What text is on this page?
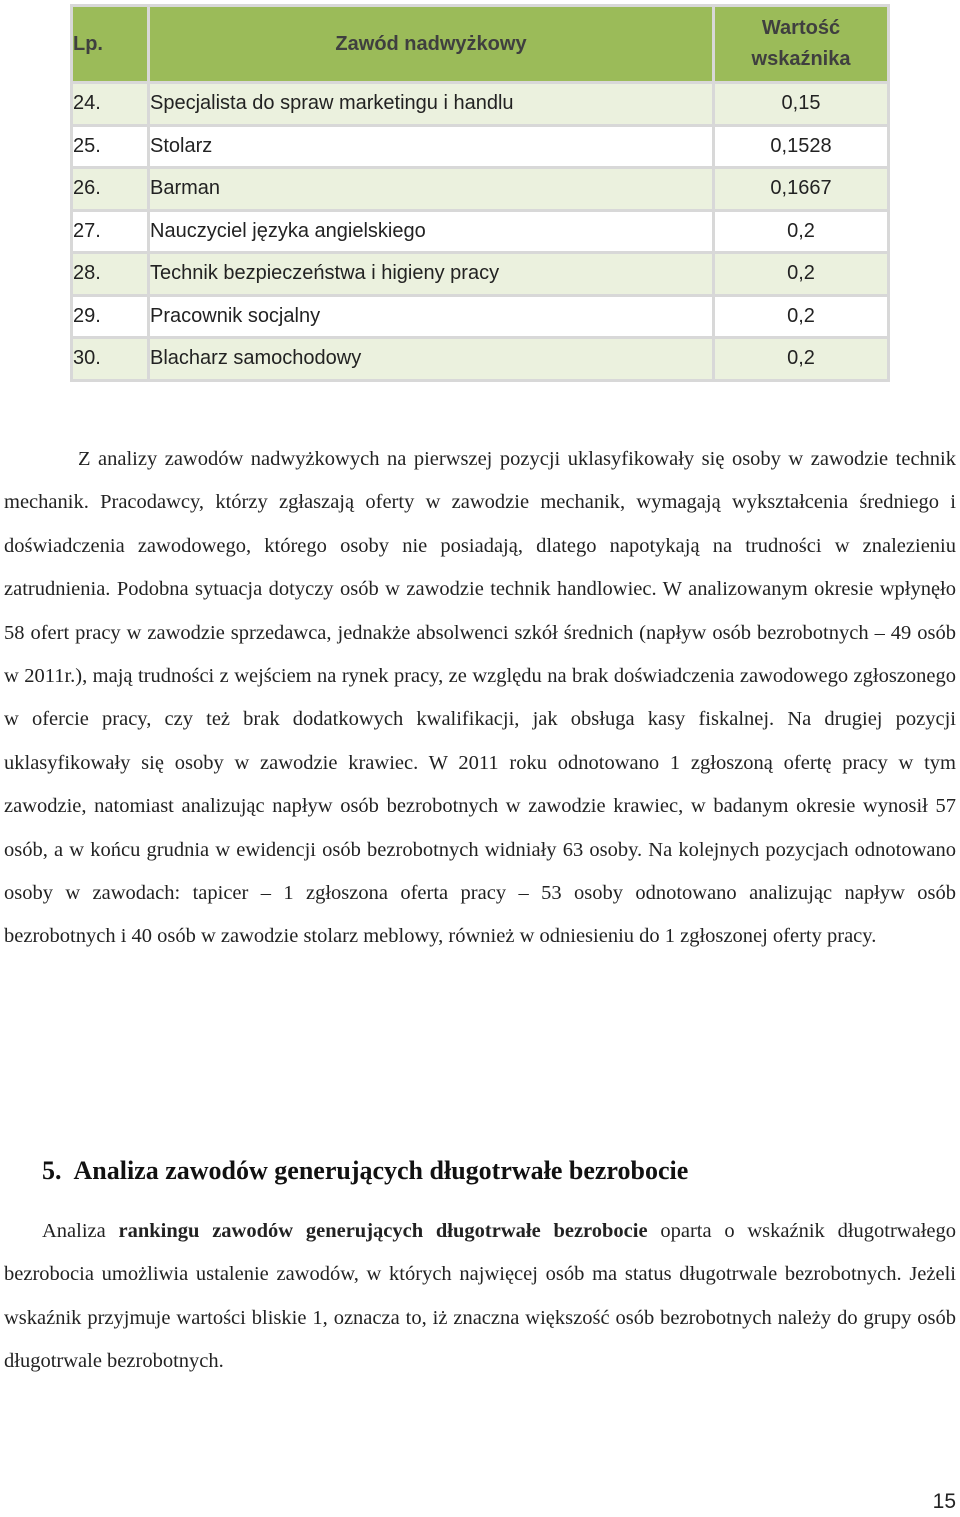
Lp.	Zawód nadwyżkowy	Wartość
wskaźnika
24.	Specjalista do spraw marketingu i handlu	0,15
25.	Stolarz	0,1528
26.	Barman	0,1667
27.	Nauczyciel języka angielskiego	0,2
28.	Technik bezpieczeństwa i higieny pracy	0,2
29.	Pracownik socjalny	0,2
30.	Blacharz samochodowy	0,2

Z analizy zawodów nadwyżkowych na pierwszej pozycji uklasyfikowały się osoby w zawodzie technik mechanik. Pracodawcy, którzy zgłaszają oferty w zawodzie mechanik, wymagają wykształcenia średniego i doświadczenia zawodowego, którego osoby nie posiadają, dlatego napotykają na trudności w znalezieniu zatrudnienia. Podobna sytuacja dotyczy osób w zawodzie technik handlowiec. W analizowanym okresie wpłynęło 58 ofert pracy w zawodzie sprzedawca, jednakże absolwenci szkół średnich (napływ osób bezrobotnych – 49 osób w 2011r.), mają trudności z wejściem na rynek pracy, ze względu na brak doświadczenia zawodowego zgłoszonego w ofercie pracy, czy też brak dodatkowych kwalifikacji, jak obsługa kasy fiskalnej. Na drugiej pozycji uklasyfikowały się osoby w zawodzie krawiec. W 2011 roku odnotowano 1 zgłoszoną ofertę pracy w tym zawodzie, natomiast analizując napływ osób bezrobotnych w zawodzie krawiec, w badanym okresie wynosił 57 osób, a w końcu grudnia w ewidencji osób bezrobotnych widniały 63 osoby. Na kolejnych pozycjach odnotowano osoby w zawodach: tapicer – 1 zgłoszona oferta pracy – 53 osoby odnotowano analizując napływ osób bezrobotnych i 40 osób w zawodzie stolarz meblowy, również w odniesieniu do 1 zgłoszonej oferty pracy.

5. Analiza zawodów generujących długotrwałe bezrobocie

Analiza rankingu zawodów generujących długotrwałe bezrobocie oparta o wskaźnik długotrwałego bezrobocia umożliwia ustalenie zawodów, w których najwięcej osób ma status długotrwale bezrobotnych. Jeżeli wskaźnik przyjmuje wartości bliskie 1, oznacza to, iż znaczna większość osób bezrobotnych należy do grupy osób długotrwale bezrobotnych.

15
